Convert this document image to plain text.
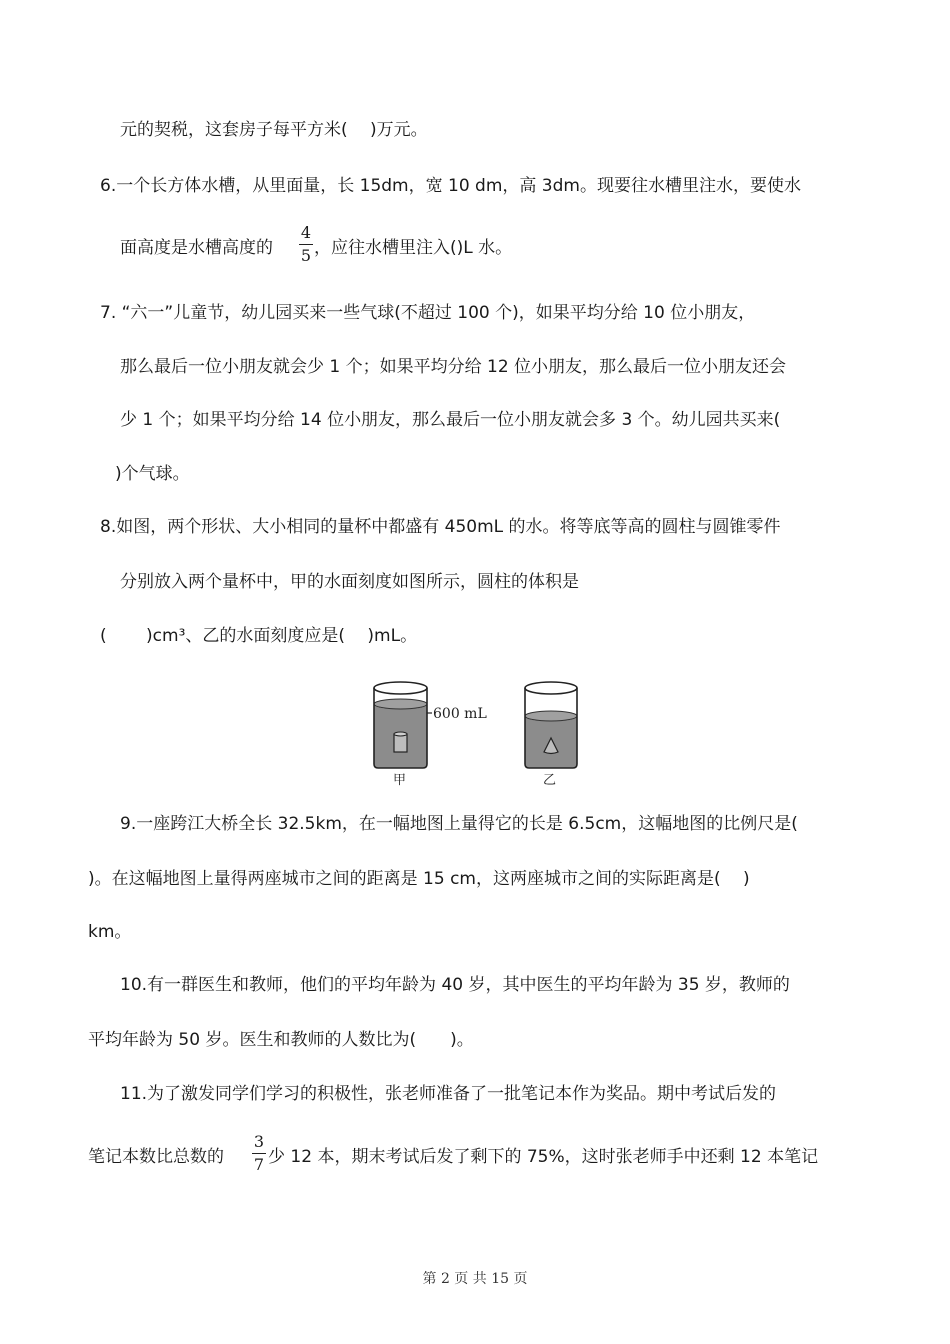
元的契税，这套房子每平方米(　 )万元。
6.一个长方体水槽，从里面量，长 15dm，宽 10 dm，高 3dm。现要往水槽里注水，要使水
面高度是水槽高度的
4
5 ，应往水槽里注入()L 水。
7. “六一”儿童节，幼儿园买来一些气球(不超过 100 个)，如果平均分给 10 位小朋友，
那么最后一位小朋友就会少 1 个；如果平均分给 12 位小朋友，那么最后一位小朋友还会
少 1 个；如果平均分给 14 位小朋友，那么最后一位小朋友就会多 3 个。幼儿园共买来(
)个气球。
8.如图，两个形状、大小相同的量杯中都盛有 450mL 的水。将等底等高的圆柱与圆锥零件
分别放入两个量杯中，甲的水面刻度如图所示，圆柱的体积是
(　　 )cm³、乙的水面刻度应是(　 )mL。
600 mL
甲	乙
9.一座跨江大桥全长 32.5km，在一幅地图上量得它的长是 6.5cm，这幅地图的比例尺是(
)。在这幅地图上量得两座城市之间的距离是 15 cm，这两座城市之间的实际距离是(　 )
km。
10.有一群医生和教师，他们的平均年龄为 40 岁，其中医生的平均年龄为 35 岁，教师的
平均年龄为 50 岁。医生和教师的人数比为(　　)。
11.为了激发同学们学习的积极性，张老师准备了一批笔记本作为奖品。期中考试后发的
笔记本数比总数的
3
7 少 12 本，期末考试后发了剩下的 75%，这时张老师手中还剩 12 本笔记
第 2 页 共 15 页
